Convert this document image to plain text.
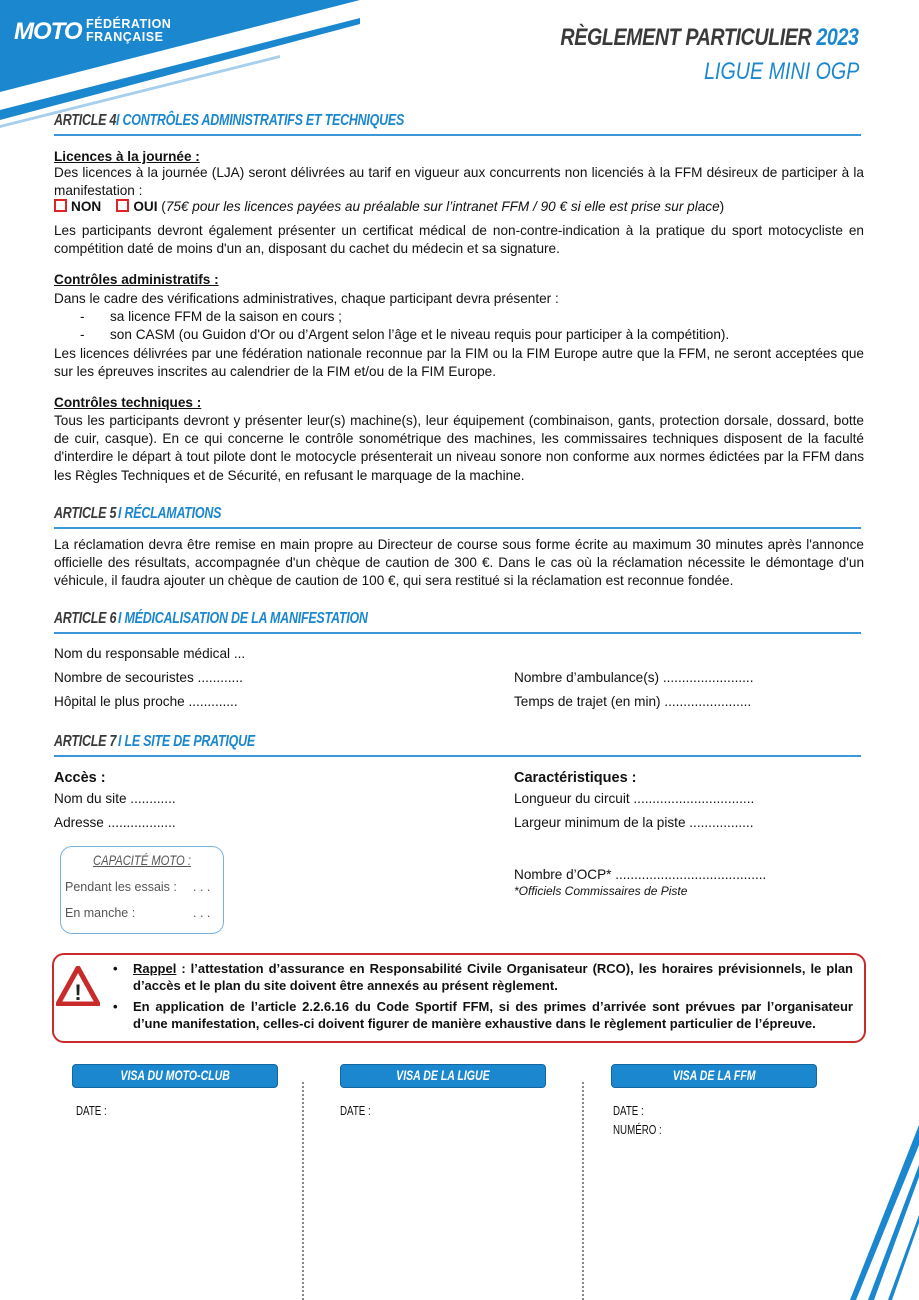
MOTO FÉDÉRATION
FRANÇAISE	RÈGLEMENT PARTICULIER 2023
LIGUE MINI OGP
ARTICLE 4I CONTRÔLES ADMINISTRATIFS ET TECHNIQUES
Licences à la journée :
Des licences à la journée (LJA) seront délivrées au tarif en vigueur aux concurrents non licenciés à la FFM désireux de participer à la manifestation :
NON OUI (75€ pour les licences payées au préalable sur l’intranet FFM / 90 € si elle est prise sur place)
Les participants devront également présenter un certificat médical de non-contre-indication à la pratique du sport motocycliste en compétition daté de moins d'un an, disposant du cachet du médecin et sa signature.
Contrôles administratifs :
Dans le cadre des vérifications administratives, chaque participant devra présenter :
- sa licence FFM de la saison en cours ;
- son CASM (ou Guidon d'Or ou d’Argent selon l’âge et le niveau requis pour participer à la compétition).
Les licences délivrées par une fédération nationale reconnue par la FIM ou la FIM Europe autre que la FFM, ne seront acceptées que sur les épreuves inscrites au calendrier de la FIM et/ou de la FIM Europe.
Contrôles techniques :
Tous les participants devront y présenter leur(s) machine(s), leur équipement (combinaison, gants, protection dorsale, dossard, botte de cuir, casque). En ce qui concerne le contrôle sonométrique des machines, les commissaires techniques disposent de la faculté d'interdire le départ à tout pilote dont le motocycle présenterait un niveau sonore non conforme aux normes édictées par la FFM dans les Règles Techniques et de Sécurité, en refusant le marquage de la machine.
ARTICLE 5I RÉCLAMATIONS
La réclamation devra être remise en main propre au Directeur de course sous forme écrite au maximum 30 minutes après l'annonce officielle des résultats, accompagnée d'un chèque de caution de 300 €. Dans le cas où la réclamation nécessite le démontage d'un véhicule, il faudra ajouter un chèque de caution de 100 €, qui sera restitué si la réclamation est reconnue fondée.
ARTICLE 6I MÉDICALISATION DE LA MANIFESTATION
Nom du responsable médical ...
Nombre de secouristes ............
Hôpital le plus proche .............
Nombre d’ambulance(s) ........................
Temps de trajet (en min) .......................
ARTICLE 7I LE SITE DE PRATIQUE
Accès :
Nom du site ............
Adresse ..................
Caractéristiques :
Longueur du circuit ................................
Largeur minimum de la piste .................
Nombre d’OCP* ........................................
*Officiels Commissaires de Piste
CAPACITÉ MOTO :
Pendant les essais : . . .
En manche :	. . .
!
• Rappel : l’attestation d’assurance en Responsabilité Civile Organisateur (RCO), les horaires prévisionnels, le plan d’accès et le plan du site doivent être annexés au présent règlement.
• En application de l’article 2.2.6.16 du Code Sportif FFM, si des primes d’arrivée sont prévues par l’organisateur d’une manifestation, celles-ci doivent figurer de manière exhaustive dans le règlement particulier de l’épreuve.
VISA DU MOTO-CLUB
DATE :
VISA DE LA LIGUE
DATE :
VISA DE LA FFM
DATE :
NUMÉRO :
